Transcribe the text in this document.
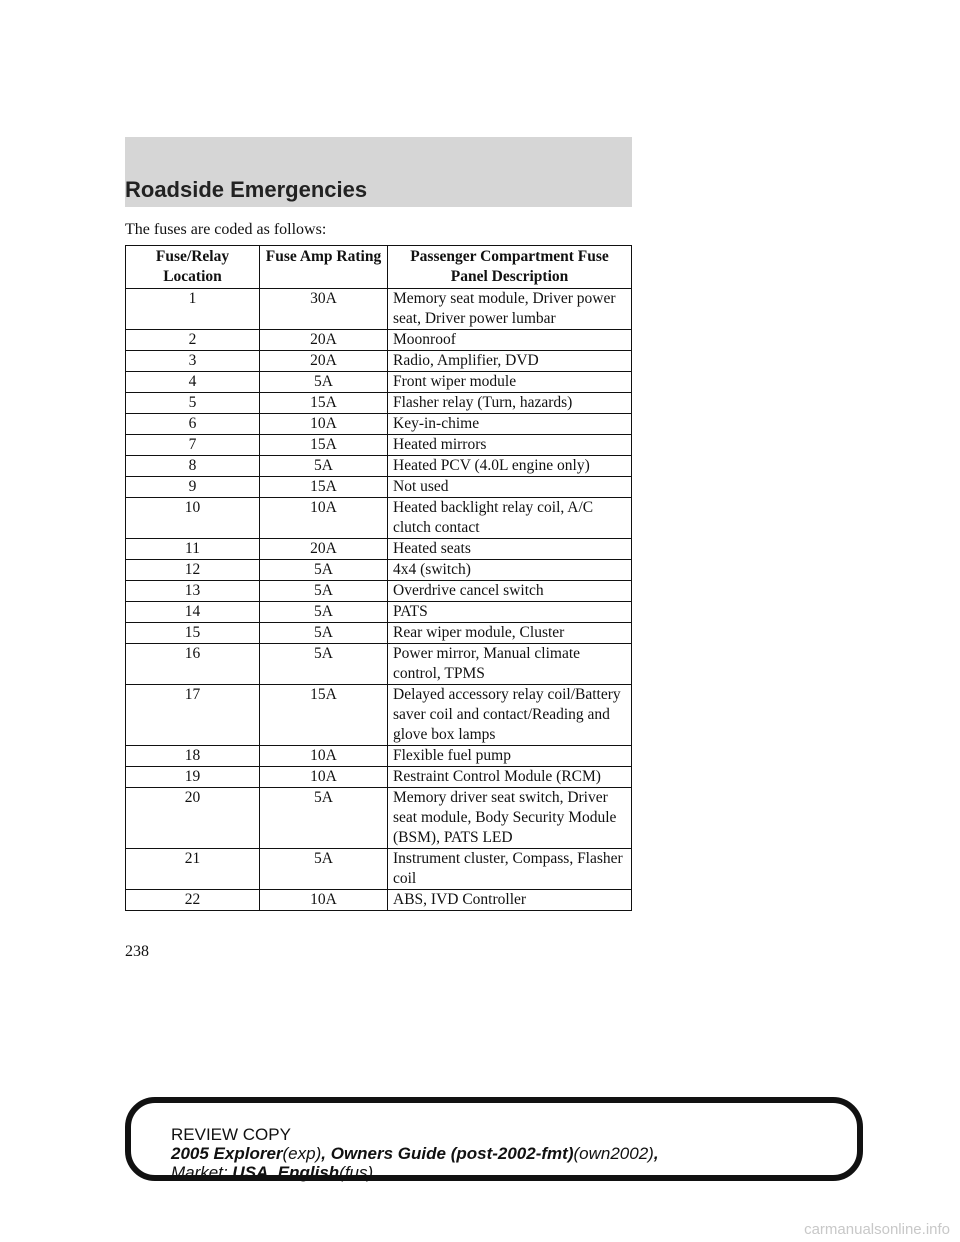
Roadside Emergencies
The fuses are coded as follows:
Fuse/Relay Location	Fuse Amp Rating	Passenger Compartment Fuse Panel Description
1	30A	Memory seat module, Driver power seat, Driver power lumbar
2	20A	Moonroof
3	20A	Radio, Amplifier, DVD
4	5A	Front wiper module
5	15A	Flasher relay (Turn, hazards)
6	10A	Key-in-chime
7	15A	Heated mirrors
8	5A	Heated PCV (4.0L engine only)
9	15A	Not used
10	10A	Heated backlight relay coil, A/C clutch contact
11	20A	Heated seats
12	5A	4x4 (switch)
13	5A	Overdrive cancel switch
14	5A	PATS
15	5A	Rear wiper module, Cluster
16	5A	Power mirror, Manual climate control, TPMS
17	15A	Delayed accessory relay coil/Battery saver coil and contact/Reading and glove box lamps
18	10A	Flexible fuel pump
19	10A	Restraint Control Module (RCM)
20	5A	Memory driver seat switch, Driver seat module, Body Security Module (BSM), PATS LED
21	5A	Instrument cluster, Compass, Flasher coil
22	10A	ABS, IVD Controller
238
REVIEW COPY
2005 Explorer(exp), Owners Guide (post-2002-fmt)(own2002),
Market: USA_English(fus)
carmanualsonline.info
